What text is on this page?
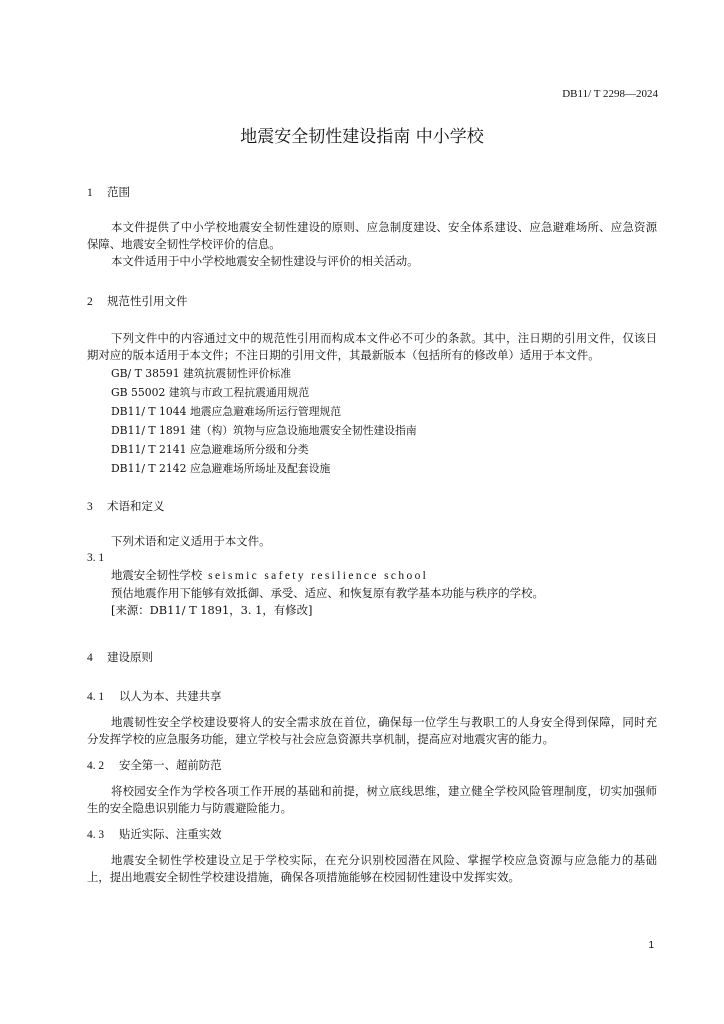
DB11/ T 2298—2024
地震安全韧性建设指南 中小学校
1 范围

本文件提供了中小学校地震安全韧性建设的原则、应急制度建设、安全体系建设、应急避难场所、应急资源保障、地震安全韧性学校评价的信息。

本文件适用于中小学校地震安全韧性建设与评价的相关活动。

2 规范性引用文件

下列文件中的内容通过文中的规范性引用而构成本文件必不可少的条款。其中，注日期的引用文件，仅该日期对应的版本适用于本文件；不注日期的引用文件，其最新版本（包括所有的修改单）适用于本文件。

GB/ T 38591 建筑抗震韧性评价标准
GB 55002 建筑与市政工程抗震通用规范
DB11/ T 1044 地震应急避难场所运行管理规范
DB11/ T 1891 建（构）筑物与应急设施地震安全韧性建设指南
DB11/ T 2141 应急避难场所分级和分类
DB11/ T 2142 应急避难场所场址及配套设施
3 术语和定义

下列术语和定义适用于本文件。

3. 1
地震安全韧性学校 seismic safety resilience school
预估地震作用下能够有效抵御、承受、适应、和恢复原有教学基本功能与秩序的学校。
[来源：DB11/ T 1891，3. 1，有修改]
4 建设原则
4. 1 以人为本、共建共享

地震韧性安全学校建设要将人的安全需求放在首位，确保每一位学生与教职工的人身安全得到保障，同时充分发挥学校的应急服务功能，建立学校与社会应急资源共享机制，提高应对地震灾害的能力。

4. 2 安全第一、超前防范

将校园安全作为学校各项工作开展的基础和前提，树立底线思维，建立健全学校风险管理制度，切实加强师生的安全隐患识别能力与防震避险能力。

4. 3 贴近实际、注重实效

地震安全韧性学校建设立足于学校实际，在充分识别校园潜在风险、掌握学校应急资源与应急能力的基础上，提出地震安全韧性学校建设措施，确保各项措施能够在校园韧性建设中发挥实效。

1
